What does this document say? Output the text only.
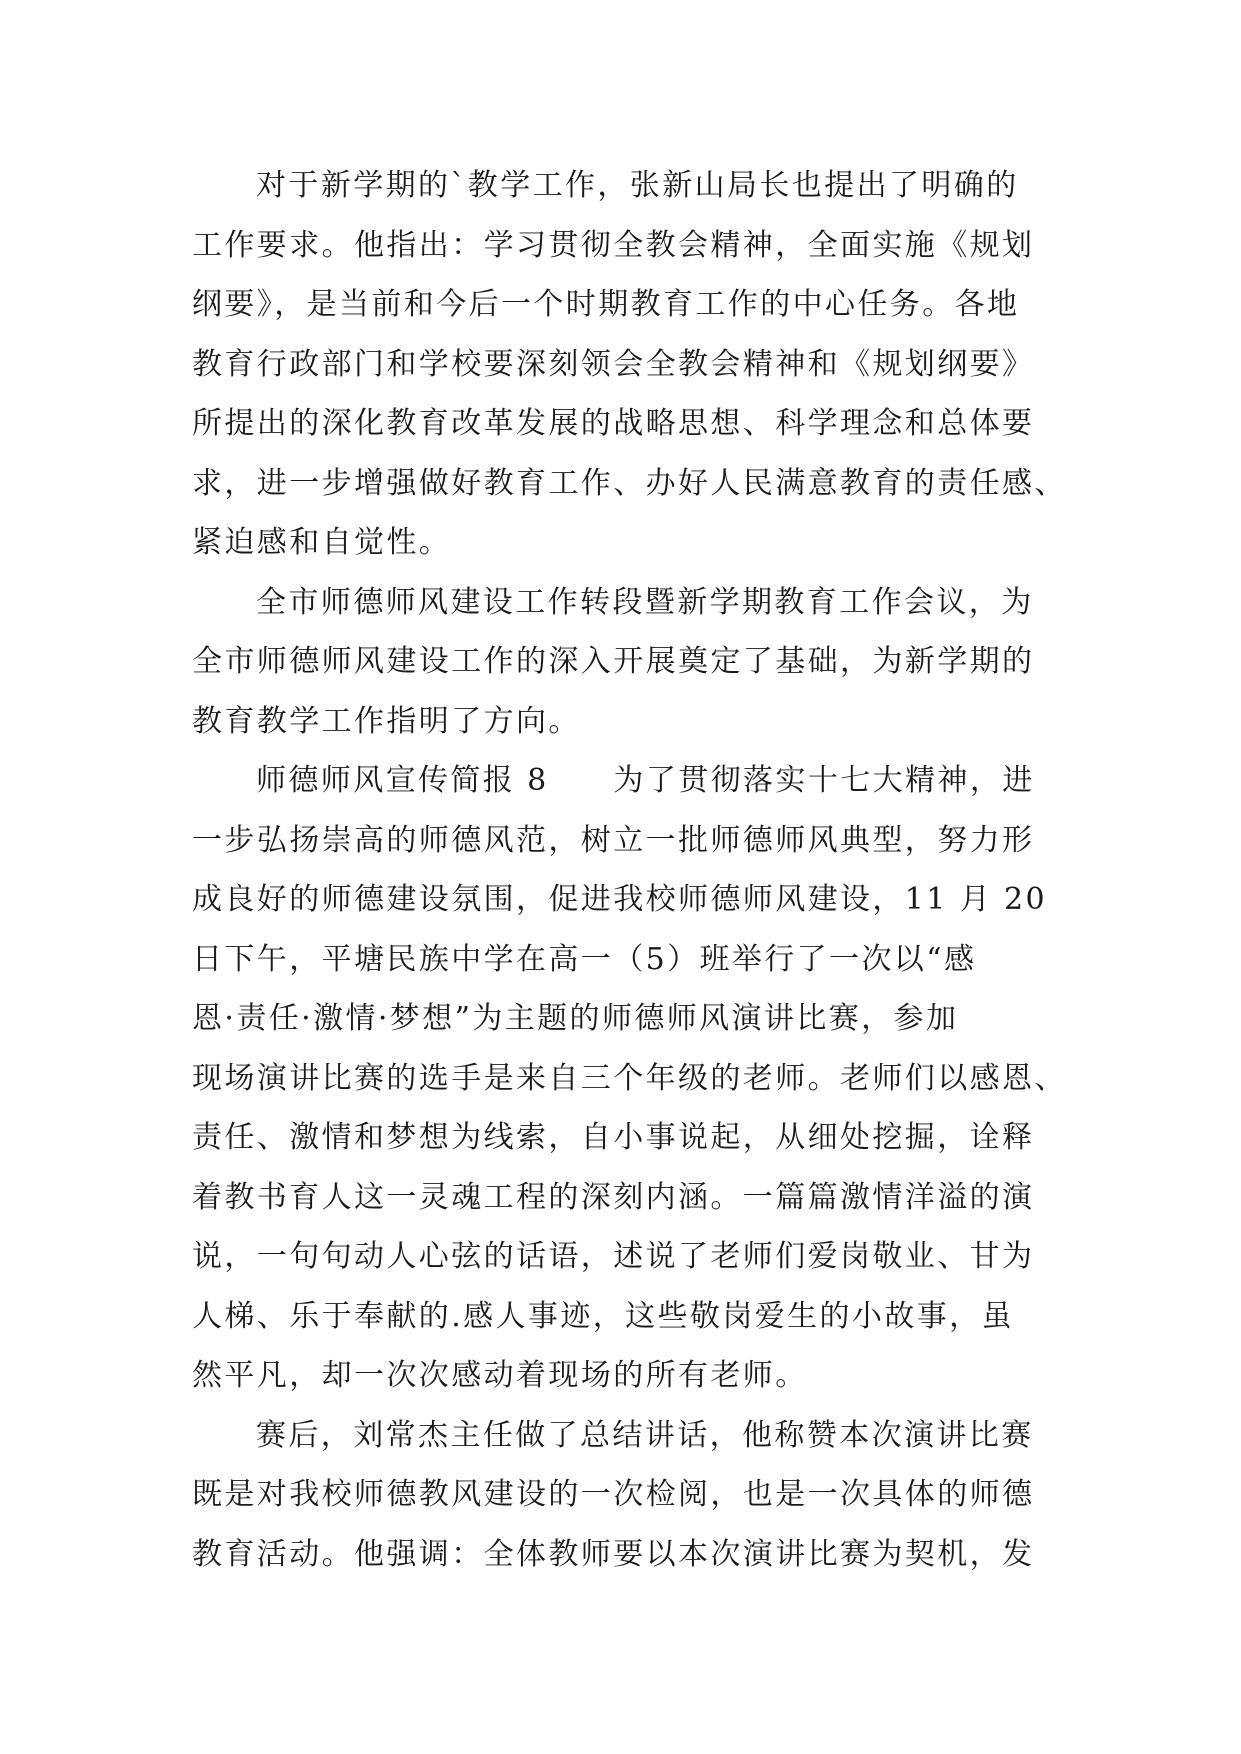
对于新学期的`教学工作，张新山局长也提出了明确的
工作要求。他指出：学习贯彻全教会精神，全面实施《规划
纲要》，是当前和今后一个时期教育工作的中心任务。各地
教育行政部门和学校要深刻领会全教会精神和《规划纲要》
所提出的深化教育改革发展的战略思想、科学理念和总体要
求，进一步增强做好教育工作、办好人民满意教育的责任感、
紧迫感和自觉性。
全市师德师风建设工作转段暨新学期教育工作会议，为
全市师德师风建设工作的深入开展奠定了基础，为新学期的
教育教学工作指明了方向。
师德师风宣传简报 8　　为了贯彻落实十七大精神，进
一步弘扬崇高的师德风范，树立一批师德师风典型，努力形
成良好的师德建设氛围，促进我校师德师风建设，11 月 20
日下午，平塘民族中学在高一（5）班举行了一次以“感
恩·责任·激情·梦想”为主题的师德师风演讲比赛，参加
现场演讲比赛的选手是来自三个年级的老师。老师们以感恩、
责任、激情和梦想为线索，自小事说起，从细处挖掘，诠释
着教书育人这一灵魂工程的深刻内涵。一篇篇激情洋溢的演
说，一句句动人心弦的话语，述说了老师们爱岗敬业、甘为
人梯、乐于奉献的.感人事迹，这些敬岗爱生的小故事，虽
然平凡，却一次次感动着现场的所有老师。
赛后，刘常杰主任做了总结讲话，他称赞本次演讲比赛
既是对我校师德教风建设的一次检阅，也是一次具体的师德
教育活动。他强调：全体教师要以本次演讲比赛为契机，发
